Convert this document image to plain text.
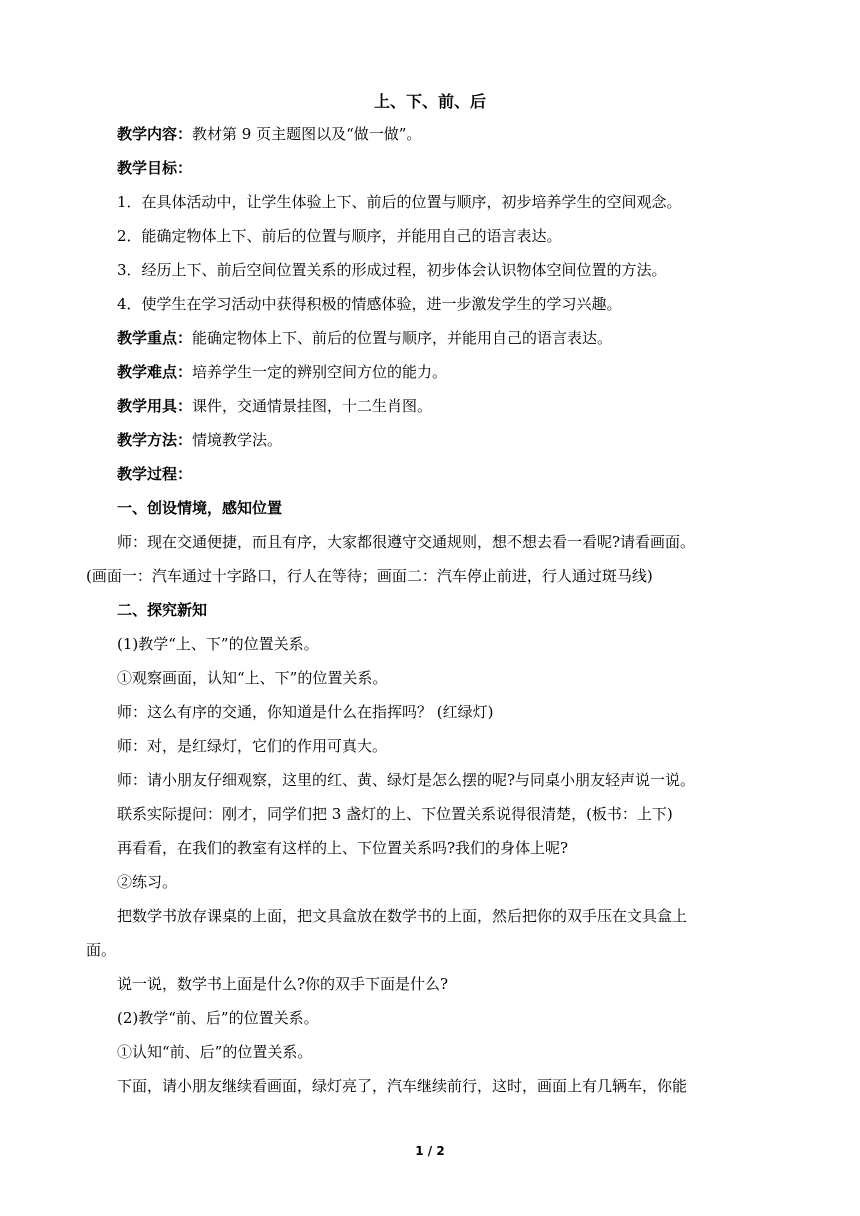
上、下、前、后
教学内容：教材第 9 页主题图以及“做一做”。
教学目标：
1．在具体活动中，让学生体验上下、前后的位置与顺序，初步培养学生的空间观念。
2．能确定物体上下、前后的位置与顺序，并能用自己的语言表达。
3．经历上下、前后空间位置关系的形成过程，初步体会认识物体空间位置的方法。
4．使学生在学习活动中获得积极的情感体验，进一步激发学生的学习兴趣。
教学重点：能确定物体上下、前后的位置与顺序，并能用自己的语言表达。
教学难点：培养学生一定的辨别空间方位的能力。
教学用具：课件，交通情景挂图，十二生肖图。
教学方法：情境教学法。
教学过程：
一、创设情境，感知位置
师：现在交通便捷，而且有序，大家都很遵守交通规则，想不想去看一看呢?请看画面。
(画面一：汽车通过十字路口，行人在等待；画面二：汽车停止前进，行人通过斑马线)
二、探究新知
(1)教学“上、下”的位置关系。
①观察画面，认知“上、下”的位置关系。
师：这么有序的交通，你知道是什么在指挥吗？ (红绿灯)
师：对，是红绿灯，它们的作用可真大。
师：请小朋友仔细观察，这里的红、黄、绿灯是怎么摆的呢?与同桌小朋友轻声说一说。
联系实际提问：刚才，同学们把 3 盏灯的上、下位置关系说得很清楚，(板书：上下)
再看看，在我们的教室有这样的上、下位置关系吗?我们的身体上呢?
②练习。
把数学书放存课桌的上面，把文具盒放在数学书的上面，然后把你的双手压在文具盒上
面。
说一说，数学书上面是什么?你的双手下面是什么?
(2)教学“前、后”的位置关系。
①认知“前、后”的位置关系。
下面，请小朋友继续看画面，绿灯亮了，汽车继续前行，这时，画面上有几辆车，你能
1 / 2
